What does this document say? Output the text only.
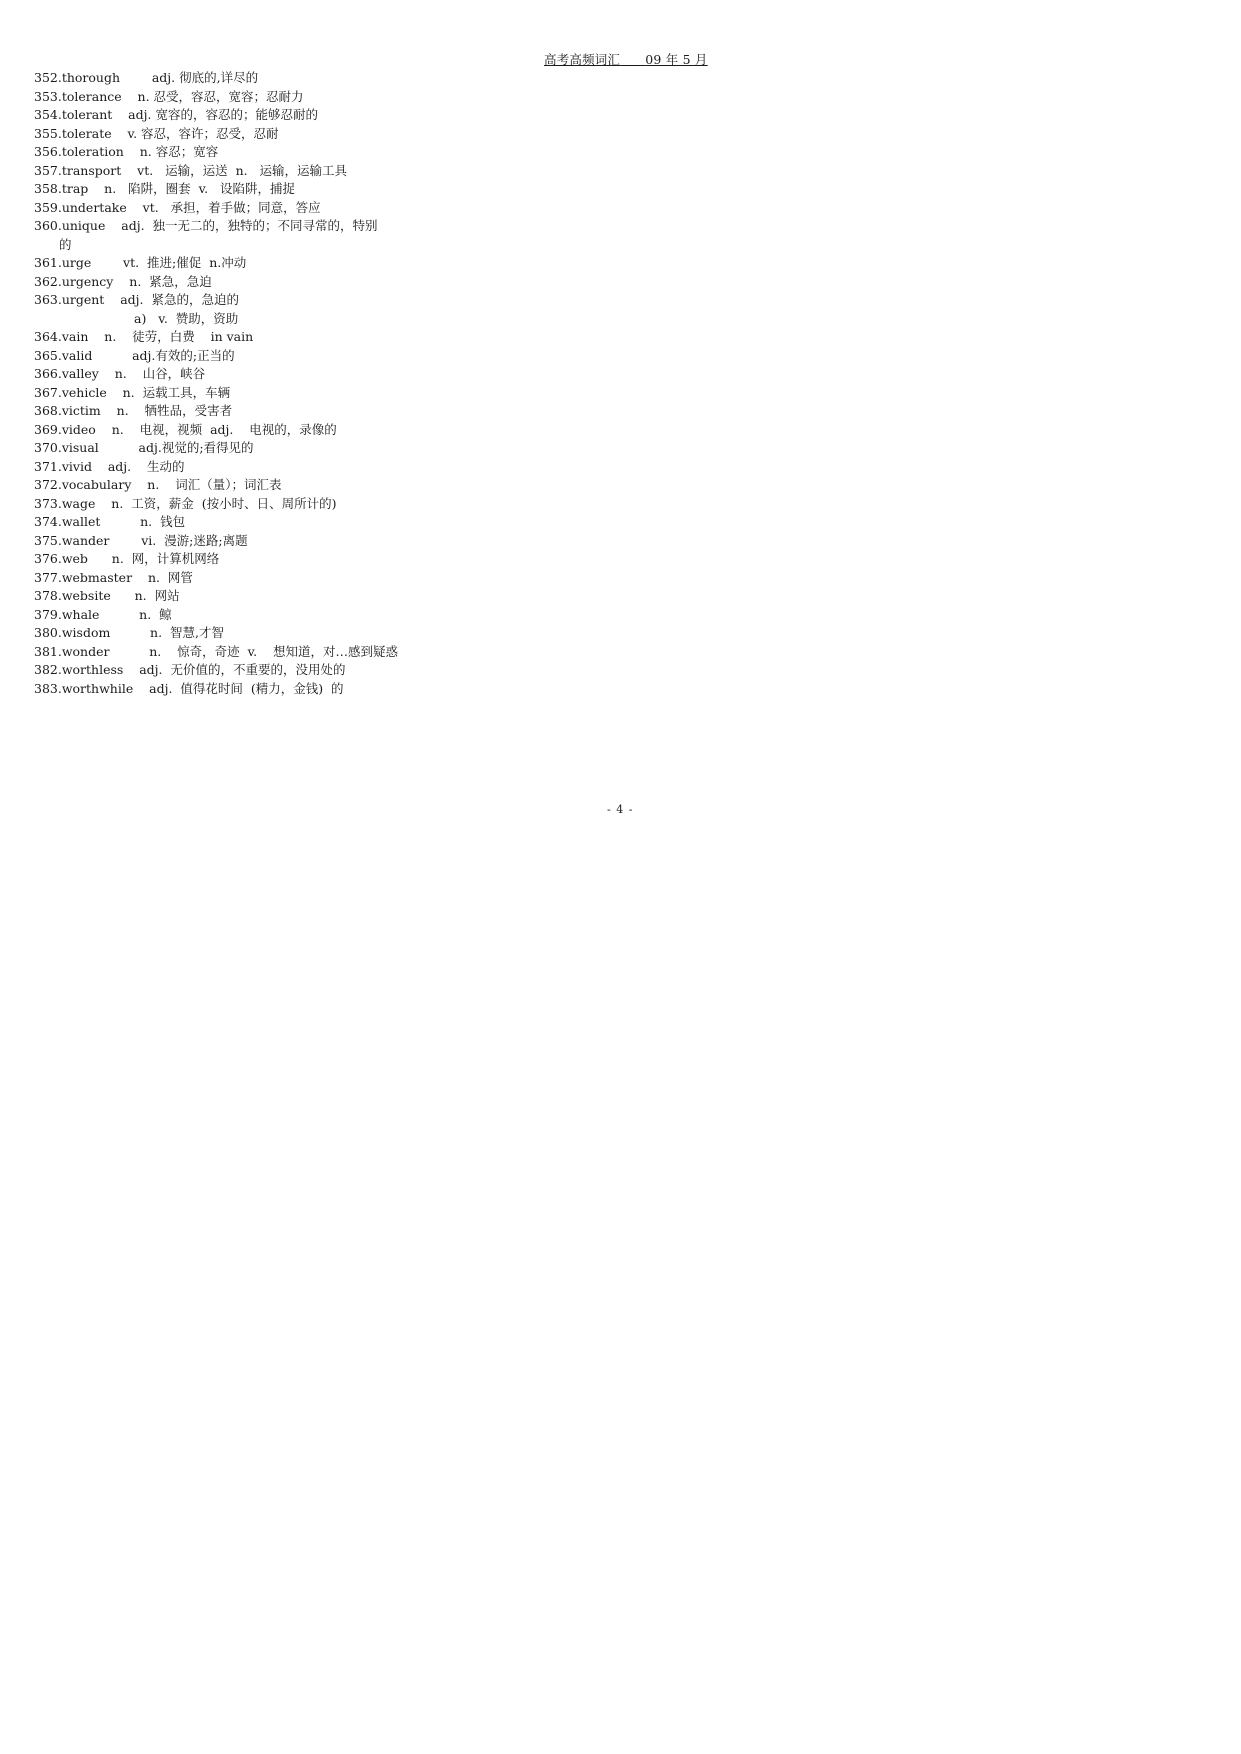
高考高频词汇 09 年 5 月
352.thorough        adj. 彻底的,详尽的
353.tolerance    n. 忍受，容忍，宽容；忍耐力
354.tolerant    adj. 宽容的，容忍的；能够忍耐的
355.tolerate    v. 容忍，容许；忍受，忍耐
356.toleration    n. 容忍；宽容
357.transport    vt.   运输，运送  n.   运输，运输工具
358.trap    n.   陷阱，圈套  v.   设陷阱，捕捉
359.undertake    vt.   承担，着手做；同意，答应
360.unique    adj.  独一无二的，独特的；不同寻常的，特别
的
361.urge        vt.  推进;催促  n.冲动
362.urgency    n.  紧急，急迫
363.urgent    adj.  紧急的，急迫的
a)   v.  赞助，资助
364.vain    n.    徒劳，白费    in vain
365.valid          adj.有效的;正当的
366.valley    n.    山谷，峡谷
367.vehicle    n.  运载工具，车辆
368.victim    n.    牺牲品，受害者
369.video    n.    电视，视频  adj.    电视的，录像的
370.visual          adj.视觉的;看得见的
371.vivid    adj.    生动的
372.vocabulary    n.    词汇（量）；词汇表
373.wage    n.  工资，薪金  (按小时、日、周所计的)
374.wallet          n.  钱包
375.wander        vi.  漫游;迷路;离题
376.web      n.  网，计算机网络
377.webmaster    n.  网管
378.website      n.  网站
379.whale          n.  鲸
380.wisdom          n.  智慧,才智
381.wonder          n.    惊奇，奇迹  v.    想知道，对…感到疑惑
382.worthless    adj.  无价值的，不重要的，没用处的
383.worthwhile    adj.  值得花时间  (精力，金钱)  的
- 4 -
